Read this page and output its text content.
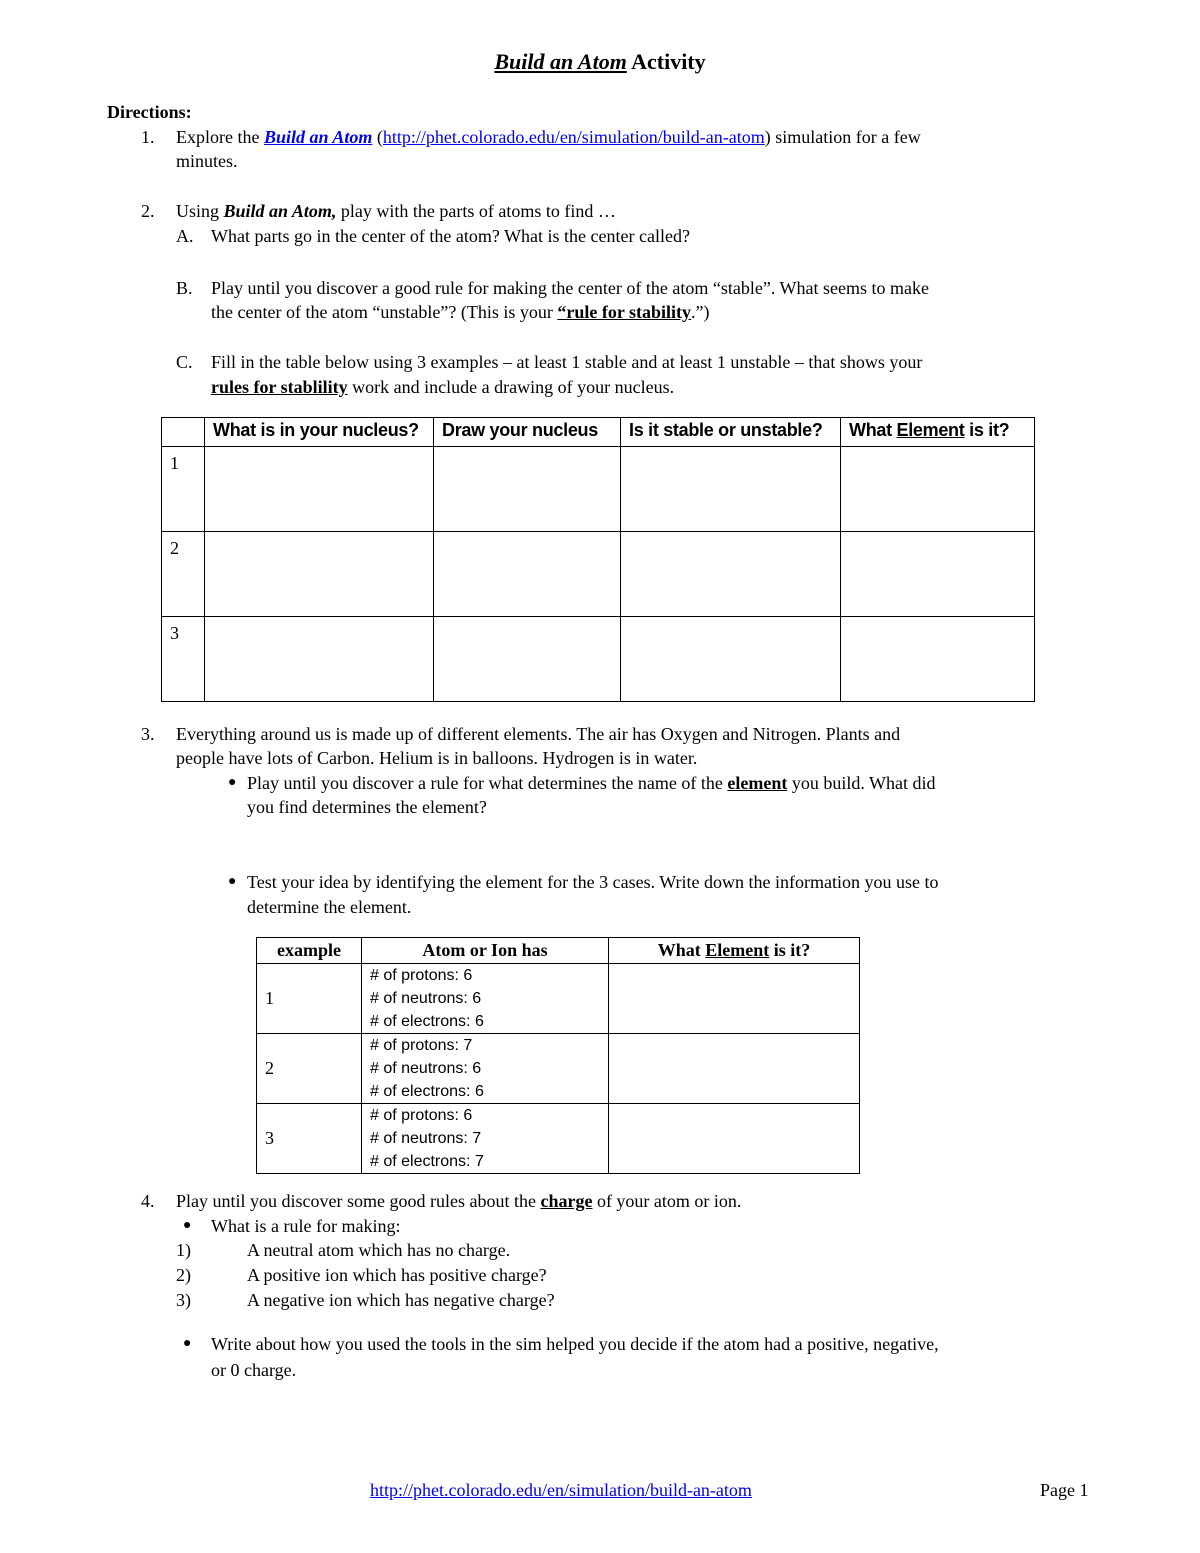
Build an Atom Activity
Directions:
1. Explore the Build an Atom (http://phet.colorado.edu/en/simulation/build-an-atom) simulation for a few
minutes.
2. Using Build an Atom, play with the parts of atoms to find …
A. What parts go in the center of the atom? What is the center called?
B. Play until you discover a good rule for making the center of the atom “stable”. What seems to make
the center of the atom “unstable”? (This is your “rule for stability.”)
C. Fill in the table below using 3 examples – at least 1 stable and at least 1 unstable – that shows your
rules for stablility work and include a drawing of your nucleus.
	What is in your nucleus?	Draw your nucleus	Is it stable or unstable?	What Element is it?
1				
2				
3				
3. Everything around us is made up of different elements. The air has Oxygen and Nitrogen. Plants and
people have lots of Carbon. Helium is in balloons. Hydrogen is in water.
● Play until you discover a rule for what determines the name of the element you build. What did
you find determines the element?
● Test your idea by identifying the element for the 3 cases. Write down the information you use to
determine the element.
example	Atom or Ion has	What Element is it?
1	# of protons: 6
# of neutrons: 6
# of electrons: 6	

2	# of protons: 7
# of neutrons: 6
# of electrons: 6	

3	# of protons: 6
# of neutrons: 7
# of electrons: 7	

4. Play until you discover some good rules about the charge of your atom or ion.
● What is a rule for making:
1)	A neutral atom which has no charge.
2)	A positive ion which has positive charge?
3)	A negative ion which has negative charge?
● Write about how you used the tools in the sim helped you decide if the atom had a positive, negative,
or 0 charge.
http://phet.colorado.edu/en/simulation/build-an-atom	Page 1
